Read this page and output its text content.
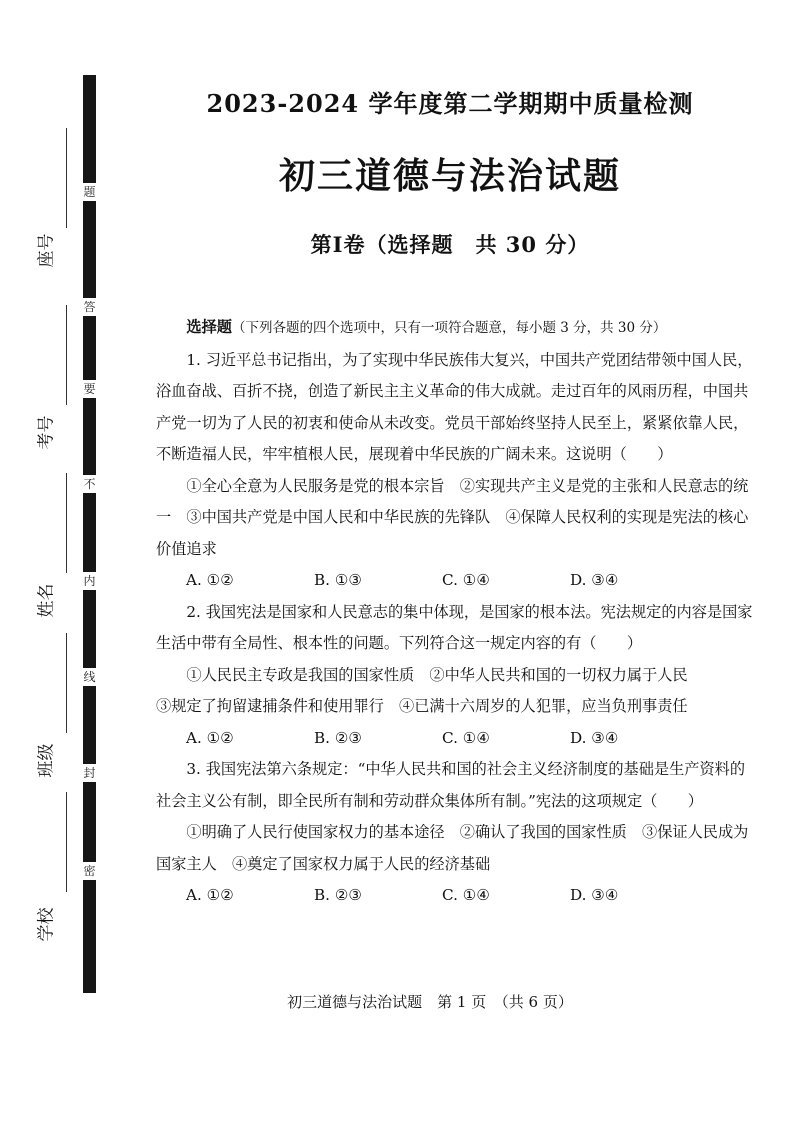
题
答
要
不
内
线
封
密
座号
考号
姓名
班级
学校
2023-2024 学年度第二学期期中质量检测
初三道德与法治试题
第Ⅰ卷（选择题　共 30 分）

选择题（下列各题的四个选项中，只有一项符合题意，每小题 3 分，共 30 分）

1. 习近平总书记指出，为了实现中华民族伟大复兴，中国共产党团结带领中国人民，浴血奋战、百折不挠，创造了新民主主义革命的伟大成就。走过百年的风雨历程，中国共产党一切为了人民的初衷和使命从未改变。党员干部始终坚持人民至上，紧紧依靠人民，不断造福人民，牢牢植根人民，展现着中华民族的广阔未来。这说明（　　）

①全心全意为人民服务是党的根本宗旨　②实现共产主义是党的主张和人民意志的统一　③中国共产党是中国人民和中华民族的先锋队　④保障人民权利的实现是宪法的核心价值追求

A. ①②	B. ①③	C. ①④	D. ③④

2. 我国宪法是国家和人民意志的集中体现，是国家的根本法。宪法规定的内容是国家生活中带有全局性、根本性的问题。下列符合这一规定内容的有（　　）

①人民民主专政是我国的国家性质　②中华人民共和国的一切权力属于人民

③规定了拘留逮捕条件和使用罪行　④已满十六周岁的人犯罪，应当负刑事责任

A. ①②	B. ②③	C. ①④	D. ③④

3. 我国宪法第六条规定：“中华人民共和国的社会主义经济制度的基础是生产资料的社会主义公有制，即全民所有制和劳动群众集体所有制。”宪法的这项规定（　　）

①明确了人民行使国家权力的基本途径　②确认了我国的国家性质　③保证人民成为国家主人　④奠定了国家权力属于人民的经济基础

A. ①②	B. ②③	C. ①④	D. ③④
初三道德与法治试题　第 1 页　（共 6 页）
